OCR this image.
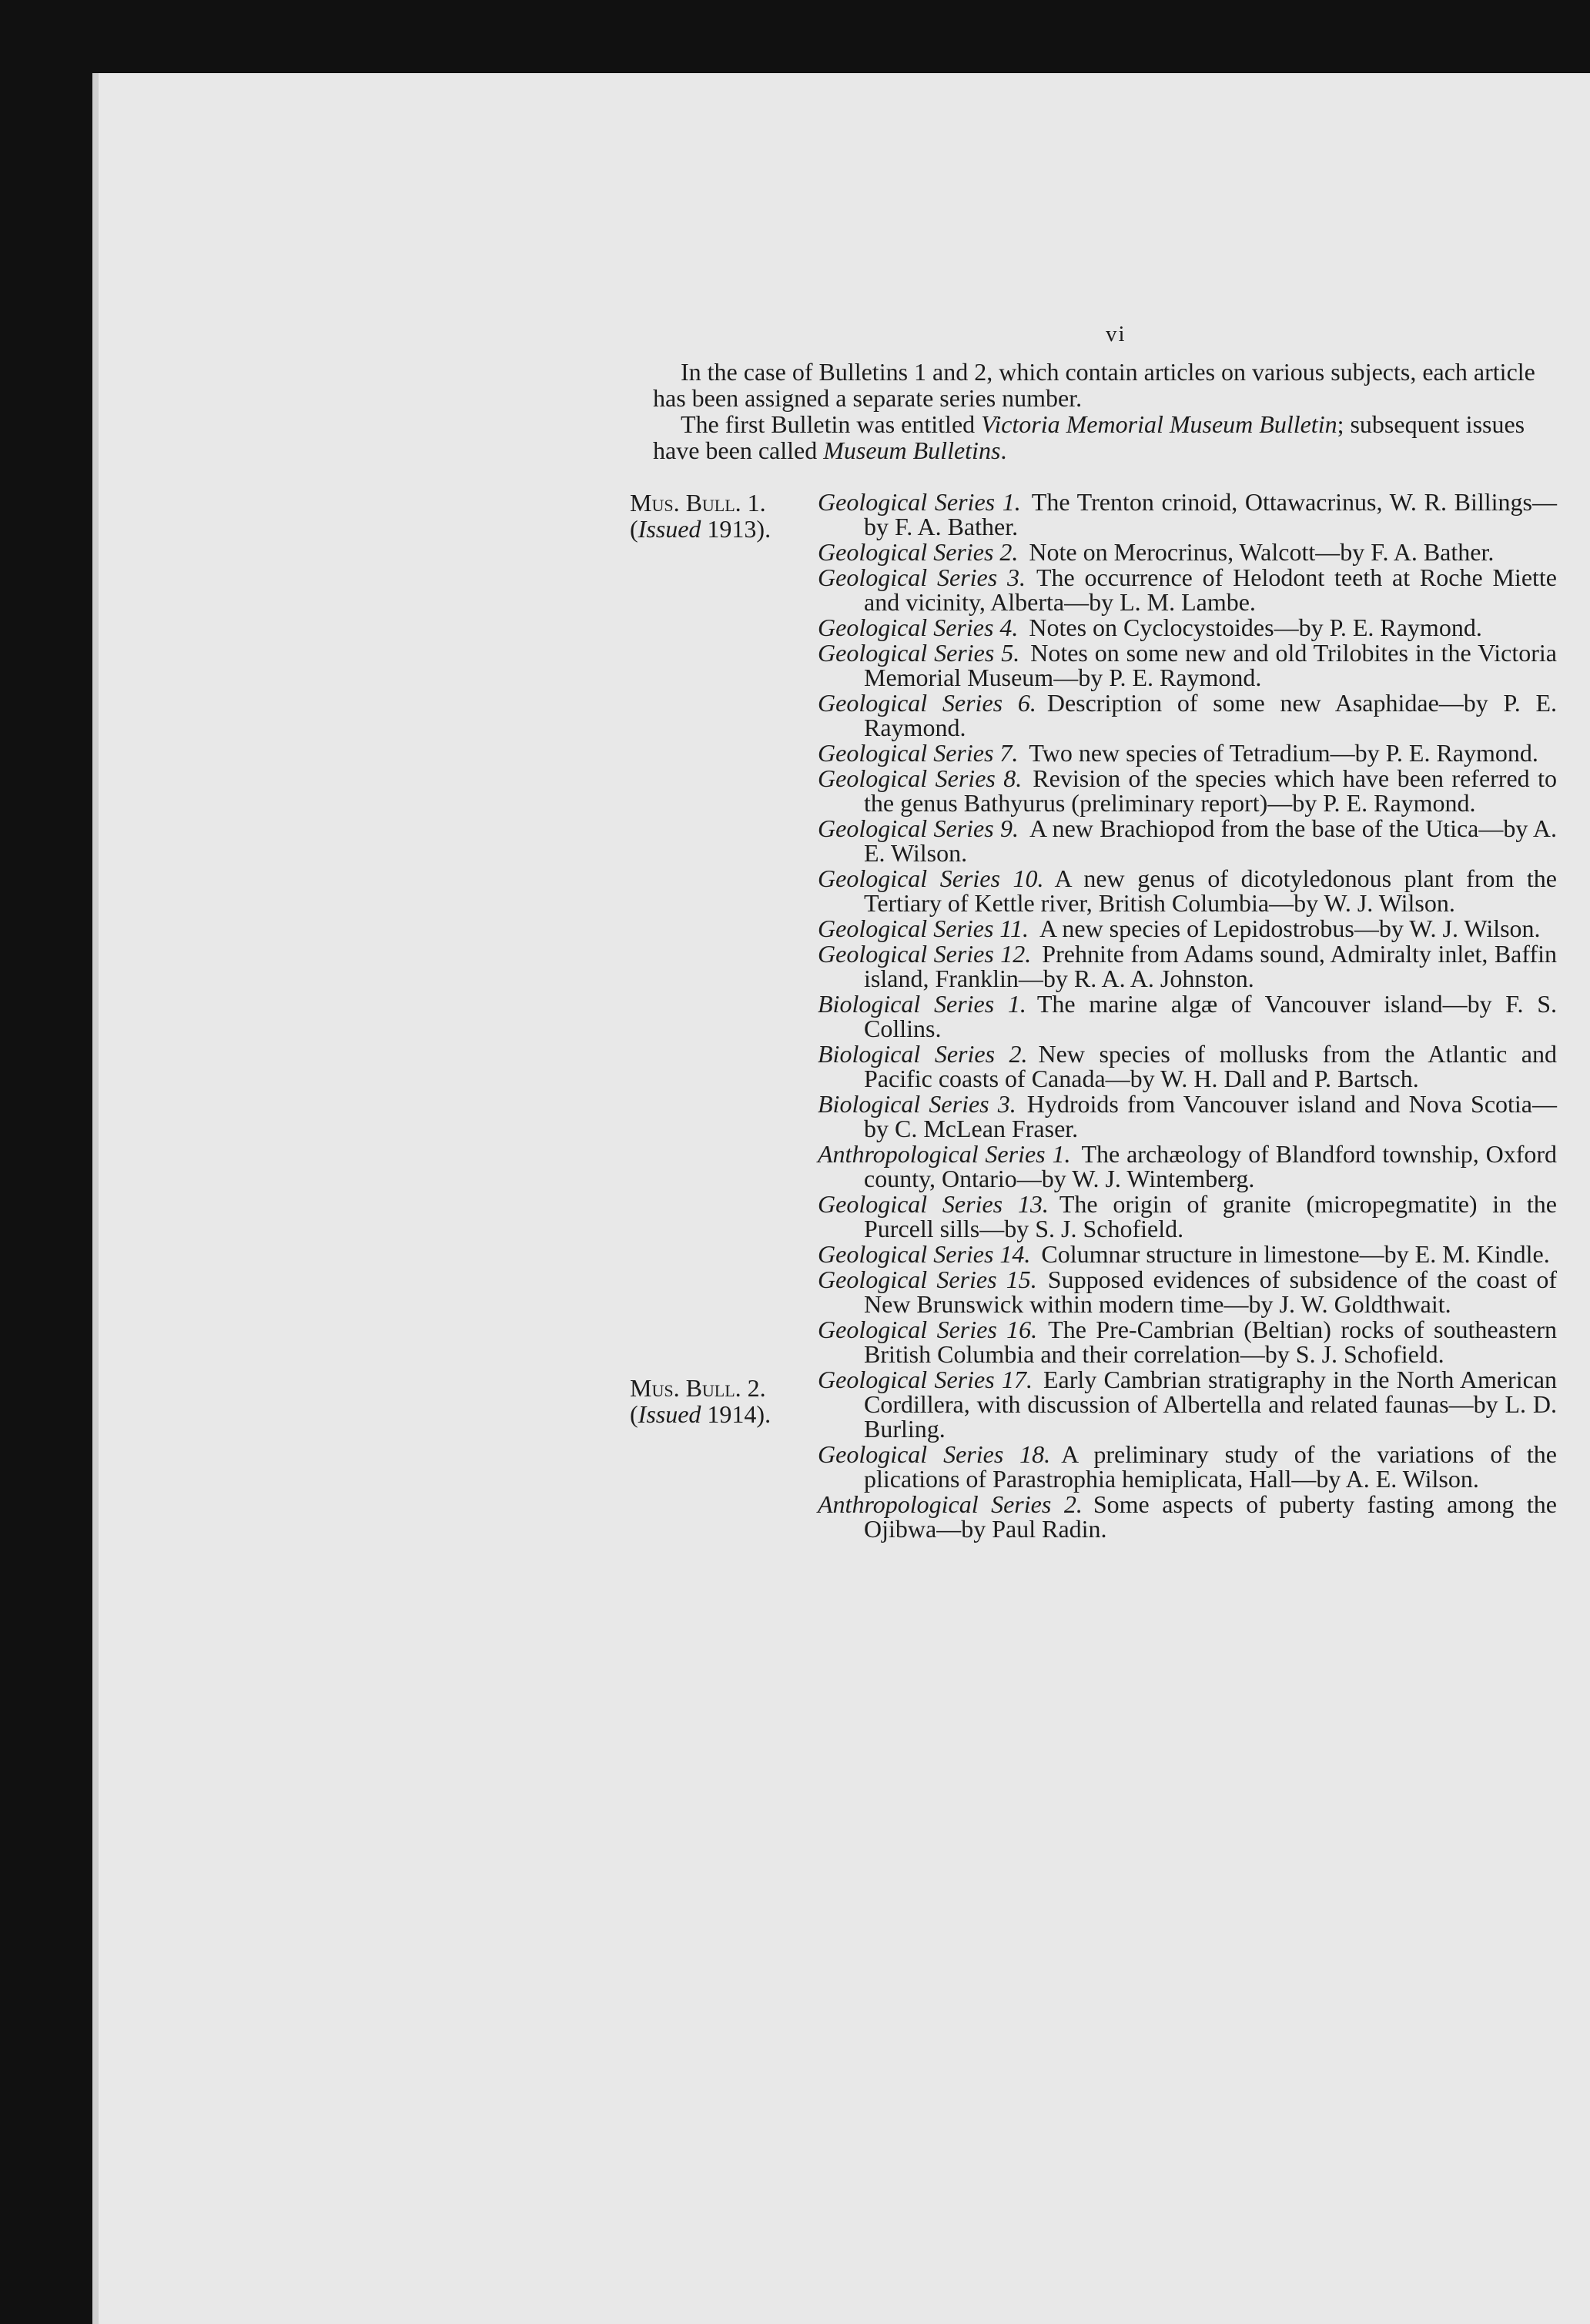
vi

In the case of Bulletins 1 and 2, which contain articles on various subjects, each article has been assigned a separate series number.

The first Bulletin was entitled Victoria Memorial Museum Bulletin; subsequent issues have been called Museum Bulletins.

Mus. Bull. 1.
(Issued 1913).
Mus. Bull. 2.
(Issued 1914).
Geological Series 1. The Trenton crinoid, Ottawacrinus, W. R. Billings—by F. A. Bather.
Geological Series 2. Note on Merocrinus, Walcott—by F. A. Bather.
Geological Series 3. The occurrence of Helodont teeth at Roche Miette and vicinity, Alberta—by L. M. Lambe.
Geological Series 4. Notes on Cyclocystoides—by P. E. Raymond.
Geological Series 5. Notes on some new and old Trilobites in the Victoria Memorial Museum—by P. E. Raymond.
Geological Series 6. Description of some new Asaphidae—by P. E. Raymond.
Geological Series 7. Two new species of Tetradium—by P. E. Raymond.
Geological Series 8. Revision of the species which have been referred to the genus Bathyurus (preliminary report)—by P. E. Raymond.
Geological Series 9. A new Brachiopod from the base of the Utica—by A. E. Wilson.
Geological Series 10. A new genus of dicotyledonous plant from the Tertiary of Kettle river, British Columbia—by W. J. Wilson.
Geological Series 11. A new species of Lepidostrobus—by W. J. Wilson.
Geological Series 12. Prehnite from Adams sound, Admiralty inlet, Baffin island, Franklin—by R. A. A. Johnston.
Biological Series 1. The marine algæ of Vancouver island—by F. S. Collins.
Biological Series 2. New species of mollusks from the Atlantic and Pacific coasts of Canada—by W. H. Dall and P. Bartsch.
Biological Series 3. Hydroids from Vancouver island and Nova Scotia—by C. McLean Fraser.
Anthropological Series 1. The archæology of Blandford township, Oxford county, Ontario—by W. J. Wintemberg.
Geological Series 13. The origin of granite (micropegmatite) in the Purcell sills—by S. J. Schofield.
Geological Series 14. Columnar structure in limestone—by E. M. Kindle.
Geological Series 15. Supposed evidences of subsidence of the coast of New Brunswick within modern time—by J. W. Goldthwait.
Geological Series 16. The Pre-Cambrian (Beltian) rocks of southeastern British Columbia and their correlation—by S. J. Schofield.
Geological Series 17. Early Cambrian stratigraphy in the North American Cordillera, with discussion of Albertella and related faunas—by L. D. Burling.
Geological Series 18. A preliminary study of the variations of the plications of Parastrophia hemiplicata, Hall—by A. E. Wilson.
Anthropological Series 2. Some aspects of puberty fasting among the Ojibwa—by Paul Radin.
